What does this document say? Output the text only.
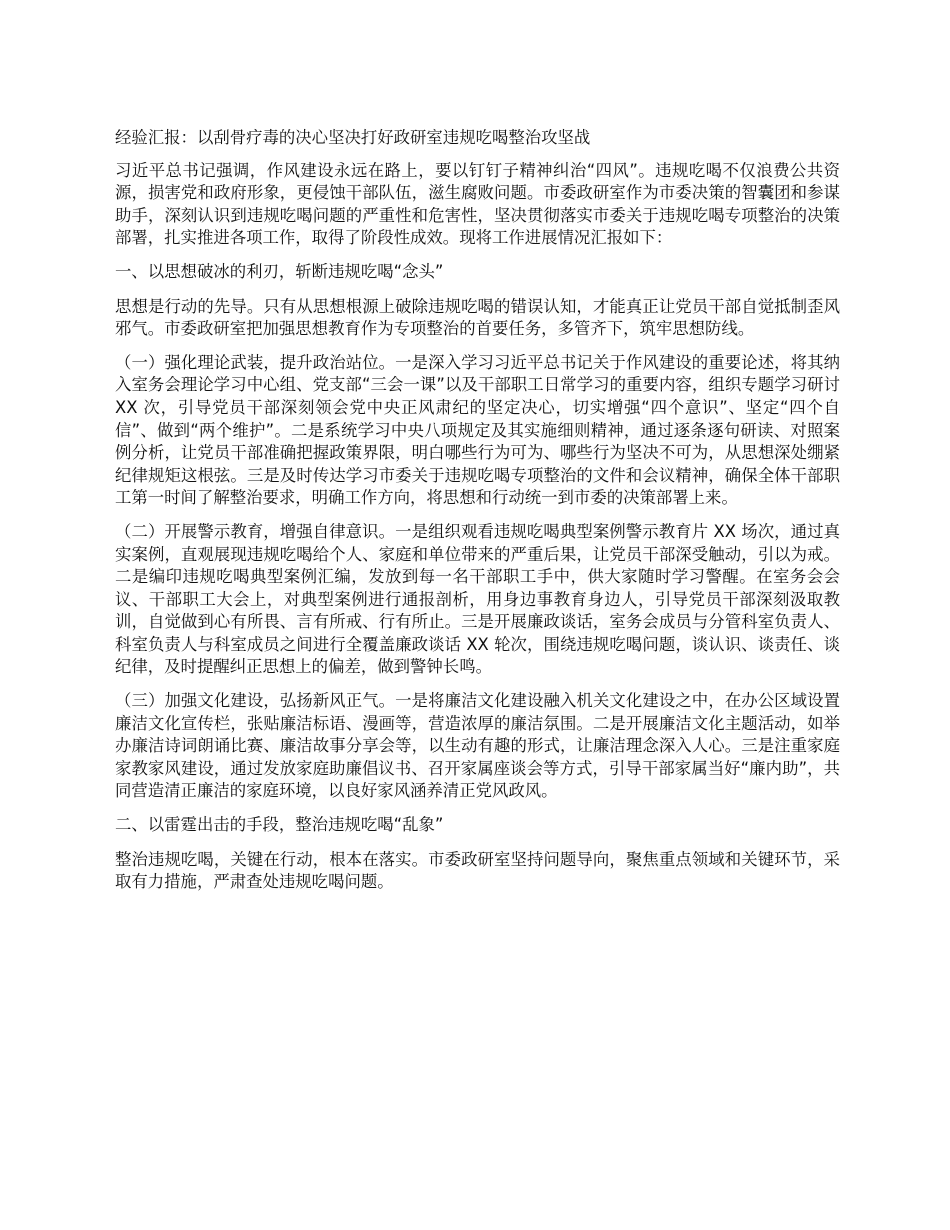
经验汇报：以刮骨疗毒的决心坚决打好政研室违规吃喝整治攻坚战
习近平总书记强调，作风建设永远在路上，要以钉钉子精神纠治“四风”。违规吃喝不仅浪费公共资源，损害党和政府形象，更侵蚀干部队伍，滋生腐败问题。市委政研室作为市委决策的智囊团和参谋助手，深刻认识到违规吃喝问题的严重性和危害性，坚决贯彻落实市委关于违规吃喝专项整治的决策部署，扎实推进各项工作，取得了阶段性成效。现将工作进展情况汇报如下：
一、以思想破冰的利刃，斩断违规吃喝“念头”
思想是行动的先导。只有从思想根源上破除违规吃喝的错误认知，才能真正让党员干部自觉抵制歪风邪气。市委政研室把加强思想教育作为专项整治的首要任务，多管齐下，筑牢思想防线。
（一）强化理论武装，提升政治站位。一是深入学习习近平总书记关于作风建设的重要论述，将其纳入室务会理论学习中心组、党支部“三会一课”以及干部职工日常学习的重要内容，组织专题学习研讨 XX 次，引导党员干部深刻领会党中央正风肃纪的坚定决心，切实增强“四个意识”、坚定“四个自信”、做到“两个维护”。二是系统学习中央八项规定及其实施细则精神，通过逐条逐句研读、对照案例分析，让党员干部准确把握政策界限，明白哪些行为可为、哪些行为坚决不可为，从思想深处绷紧纪律规矩这根弦。三是及时传达学习市委关于违规吃喝专项整治的文件和会议精神，确保全体干部职工第一时间了解整治要求，明确工作方向，将思想和行动统一到市委的决策部署上来。
（二）开展警示教育，增强自律意识。一是组织观看违规吃喝典型案例警示教育片 XX 场次，通过真实案例，直观展现违规吃喝给个人、家庭和单位带来的严重后果，让党员干部深受触动，引以为戒。二是编印违规吃喝典型案例汇编，发放到每一名干部职工手中，供大家随时学习警醒。在室务会会议、干部职工大会上，对典型案例进行通报剖析，用身边事教育身边人，引导党员干部深刻汲取教训，自觉做到心有所畏、言有所戒、行有所止。三是开展廉政谈话，室务会成员与分管科室负责人、科室负责人与科室成员之间进行全覆盖廉政谈话 XX 轮次，围绕违规吃喝问题，谈认识、谈责任、谈纪律，及时提醒纠正思想上的偏差，做到警钟长鸣。
（三）加强文化建设，弘扬新风正气。一是将廉洁文化建设融入机关文化建设之中，在办公区域设置廉洁文化宣传栏，张贴廉洁标语、漫画等，营造浓厚的廉洁氛围。二是开展廉洁文化主题活动，如举办廉洁诗词朗诵比赛、廉洁故事分享会等，以生动有趣的形式，让廉洁理念深入人心。三是注重家庭家教家风建设，通过发放家庭助廉倡议书、召开家属座谈会等方式，引导干部家属当好“廉内助”，共同营造清正廉洁的家庭环境，以良好家风涵养清正党风政风。
二、以雷霆出击的手段，整治违规吃喝“乱象”
整治违规吃喝，关键在行动，根本在落实。市委政研室坚持问题导向，聚焦重点领域和关键环节，采取有力措施，严肃查处违规吃喝问题。
